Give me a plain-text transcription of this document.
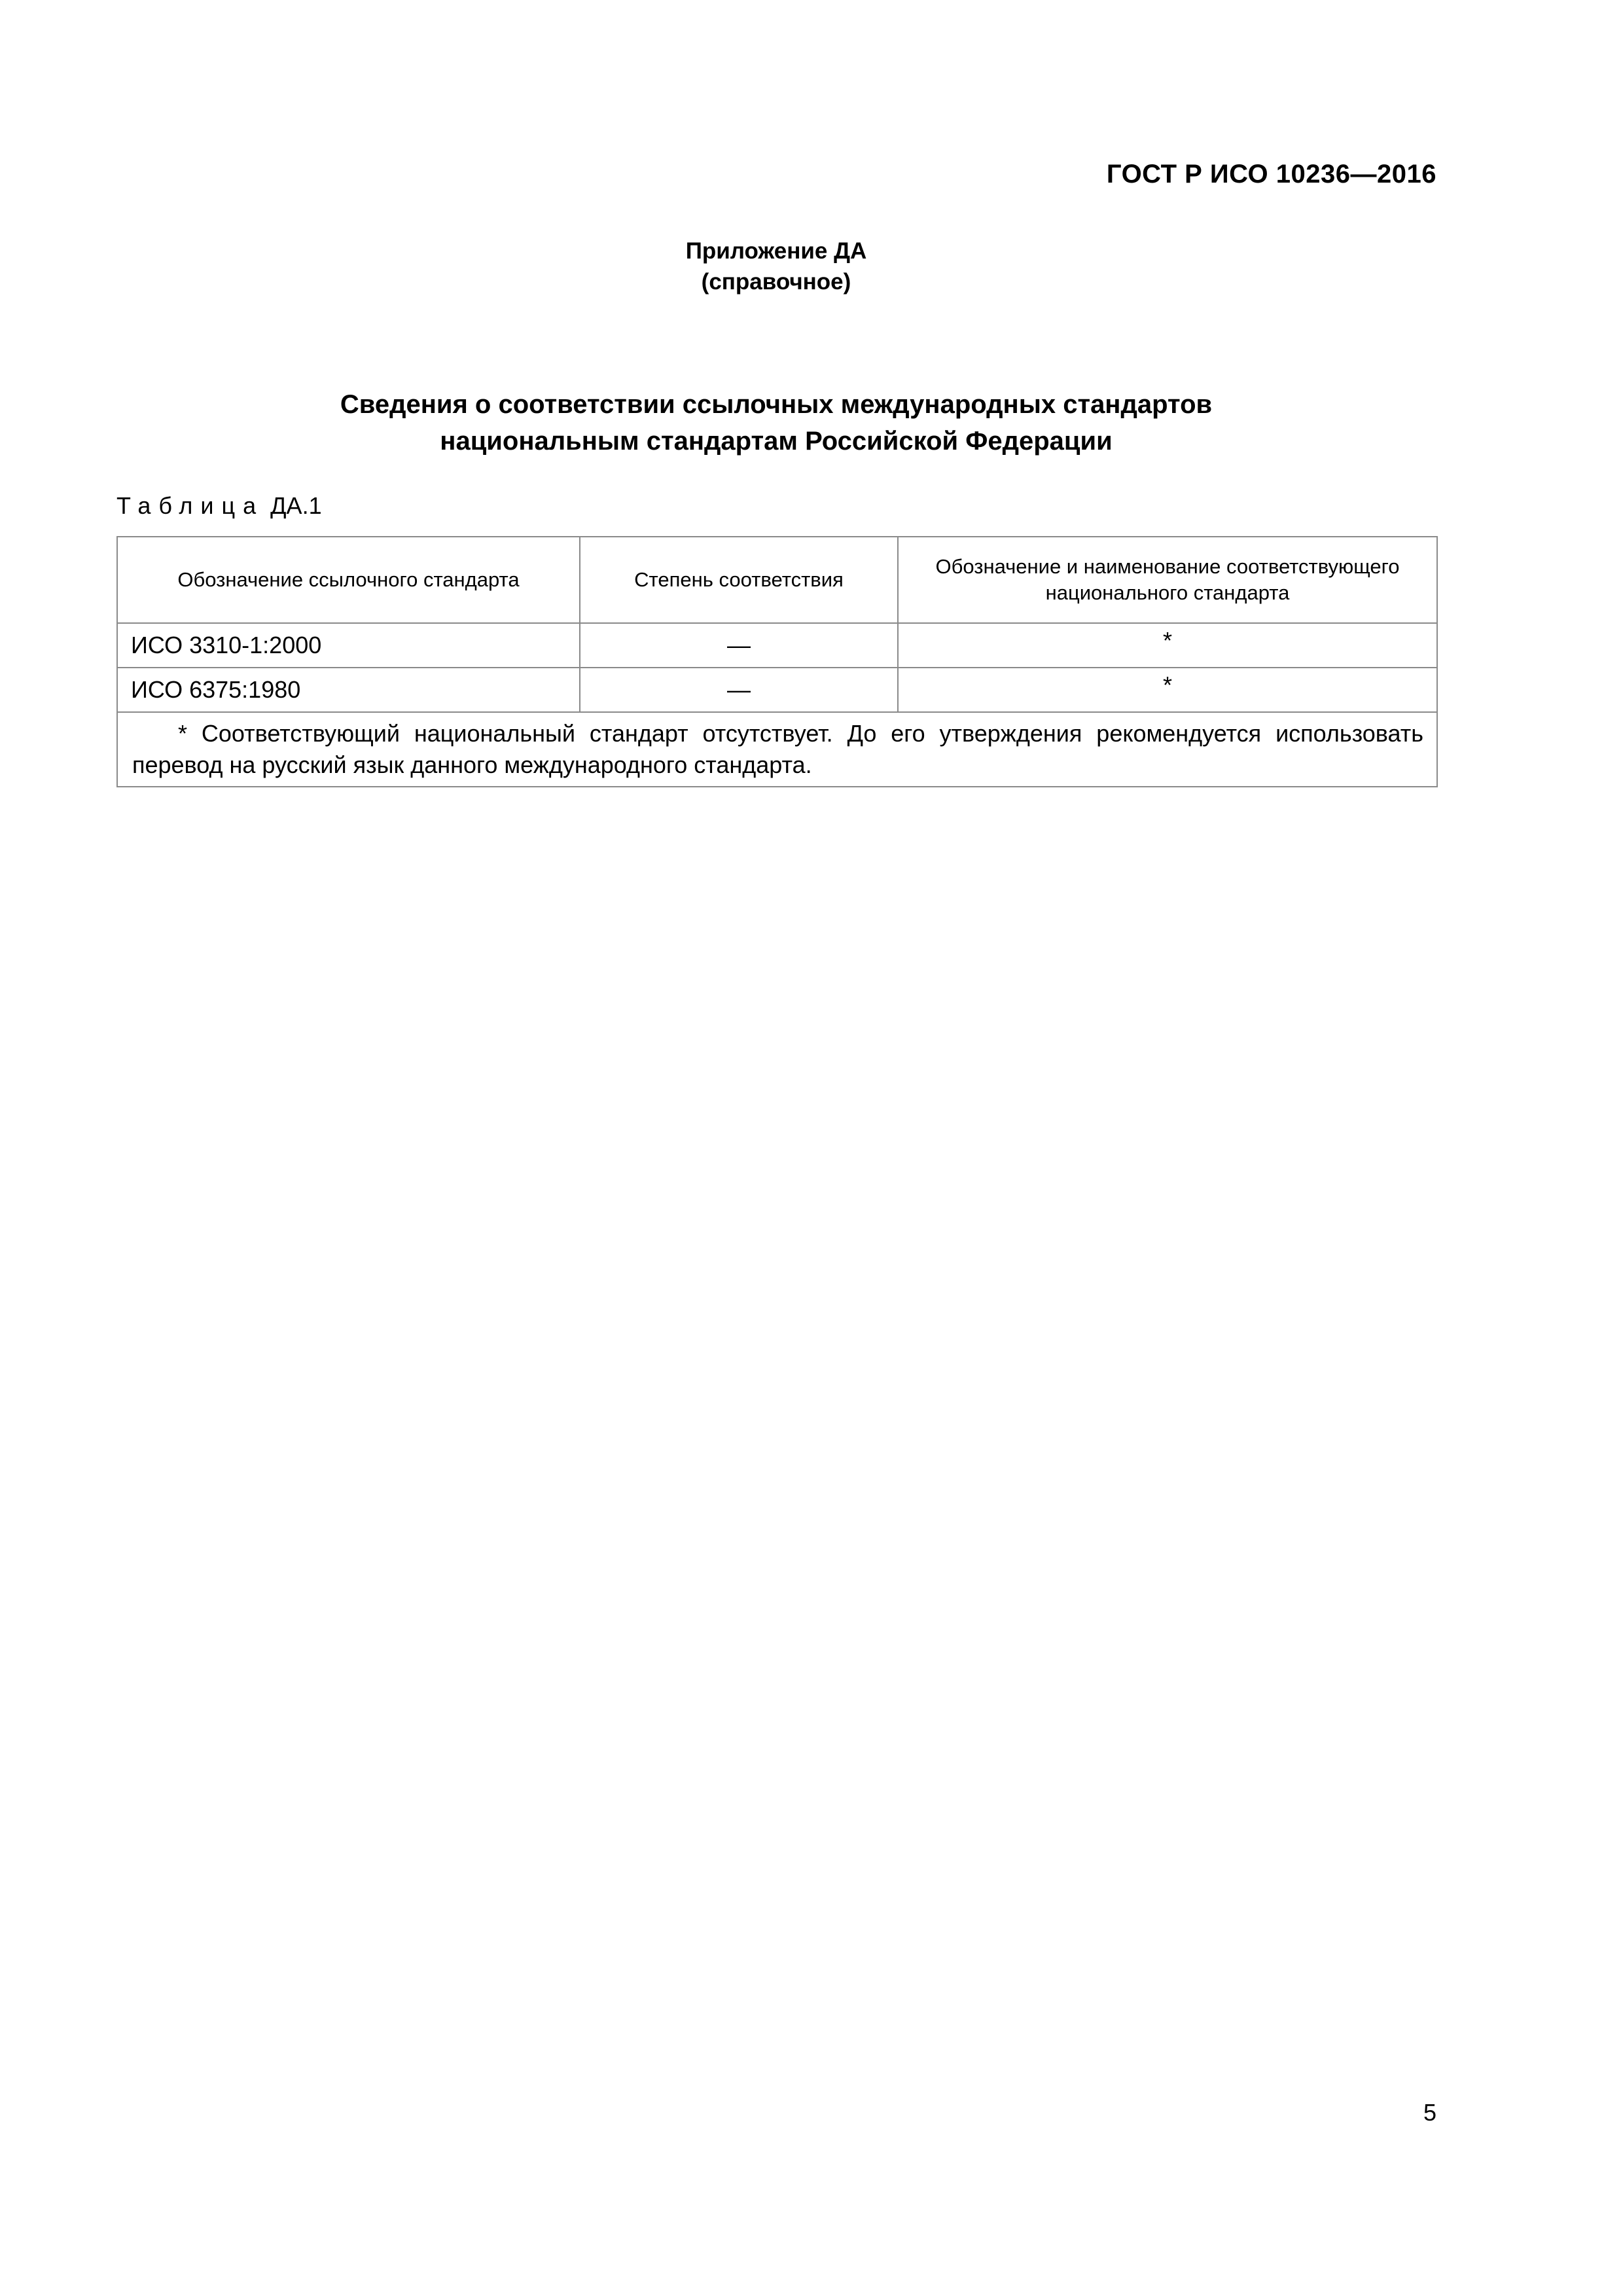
ГОСТ Р ИСО 10236—2016
Приложение ДА
(справочное)
Сведения о соответствии ссылочных международных стандартов
национальным стандартам Российской Федерации
Таблица ДА.1
Обозначение ссылочного стандарта	Степень соответствия	Обозначение и наименование соответствующего национального стандарта
ИСО 3310-1:2000	—	*
ИСО 6375:1980	—	*
* Соответствующий национальный стандарт отсутствует. До его утверждения рекомендуется использовать перевод на русский язык данного международного стандарта.		
5
